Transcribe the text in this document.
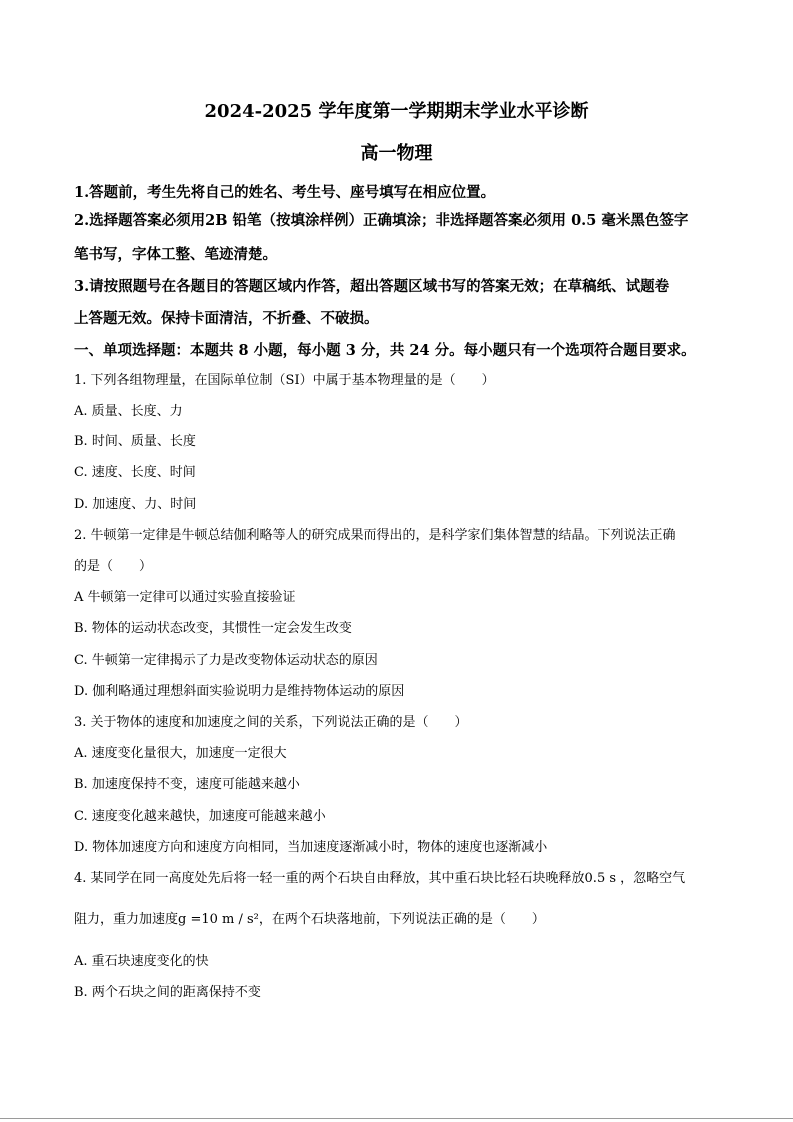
2024-2025 学年度第一学期期末学业水平诊断
高一物理
1.答题前，考生先将自己的姓名、考生号、座号填写在相应位置。
2.选择题答案必须用2B 铅笔（按填涂样例）正确填涂；非选择题答案必须用 0.5 毫米黑色签字
笔书写，字体工整、笔迹清楚。
3.请按照题号在各题目的答题区域内作答，超出答题区域书写的答案无效；在草稿纸、试题卷
上答题无效。保持卡面清洁，不折叠、不破损。
一、单项选择题：本题共 8 小题，每小题 3 分，共 24 分。每小题只有一个选项符合题目要求。
1. 下列各组物理量，在国际单位制（SI）中属于基本物理量的是（　　）
A. 质量、长度、力
B. 时间、质量、长度
C. 速度、长度、时间
D. 加速度、力、时间
2. 牛顿第一定律是牛顿总结伽利略等人的研究成果而得出的，是科学家们集体智慧的结晶。下列说法正确
的是（　　）
A 牛顿第一定律可以通过实验直接验证
B. 物体的运动状态改变，其惯性一定会发生改变
C. 牛顿第一定律揭示了力是改变物体运动状态的原因
D. 伽利略通过理想斜面实验说明力是维持物体运动的原因
3. 关于物体的速度和加速度之间的关系，下列说法正确的是（　　）
A. 速度变化量很大，加速度一定很大
B. 加速度保持不变，速度可能越来越小
C. 速度变化越来越快，加速度可能越来越小
D. 物体加速度方向和速度方向相同，当加速度逐渐减小时，物体的速度也逐渐减小
4. 某同学在同一高度处先后将一轻一重的两个石块自由释放，其中重石块比轻石块晚释放0.5 s ，忽略空气
阻力，重力加速度g =10 m / s²，在两个石块落地前，下列说法正确的是（　　）
A. 重石块速度变化的快
B. 两个石块之间的距离保持不变
